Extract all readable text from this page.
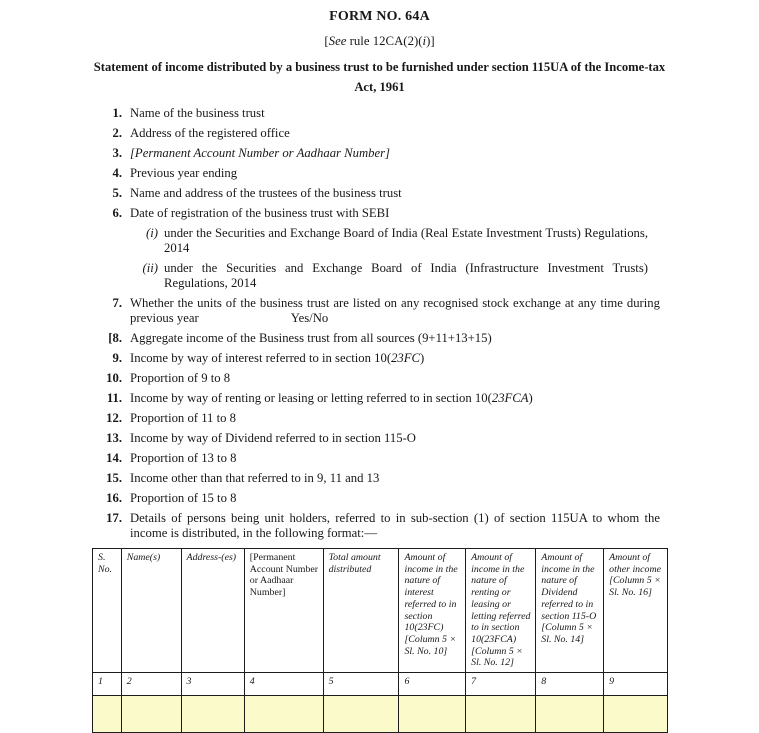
FORM NO. 64A
[See rule 12CA(2)(i)]
Statement of income distributed by a business trust to be furnished under section 115UA of the Income-tax Act, 1961
1. Name of the business trust
2. Address of the registered office
3. [Permanent Account Number or Aadhaar Number]
4. Previous year ending
5. Name and address of the trustees of the business trust
6. Date of registration of the business trust with SEBI
(i) under the Securities and Exchange Board of India (Real Estate Investment Trusts) Regulations, 2014
(ii) under the Securities and Exchange Board of India (Infrastructure Investment Trusts) Regulations, 2014
7. Whether the units of the business trust are listed on any recognised stock exchange at any time during previous year	Yes/No
[8. Aggregate income of the Business trust from all sources (9+11+13+15)
9. Income by way of interest referred to in section 10(23FC)
10. Proportion of 9 to 8
11. Income by way of renting or leasing or letting referred to in section 10(23FCA)
12. Proportion of 11 to 8
13. Income by way of Dividend referred to in section 115-O
14. Proportion of 13 to 8
15. Income other than that referred to in 9, 11 and 13
16. Proportion of 15 to 8
17. Details of persons being unit holders, referred to in sub-section (1) of section 115UA to whom the income is distributed, in the following format:—
S. No.	Name(s)	Address-(es)	[Permanent Account Number or Aadhaar Number]	Total amount distributed	Amount of income in the nature of interest referred to in section 10(23FC) [Column 5 × Sl. No. 10]	Amount of income in the nature of renting or leasing or letting referred to in section 10(23FCA) [Column 5 × Sl. No. 12]	Amount of income in the nature of Dividend referred to in section 115-O [Column 5 × Sl. No. 14]	Amount of other income [Column 5 × Sl. No. 16]
1	2	3	4	5	6	7	8	9
